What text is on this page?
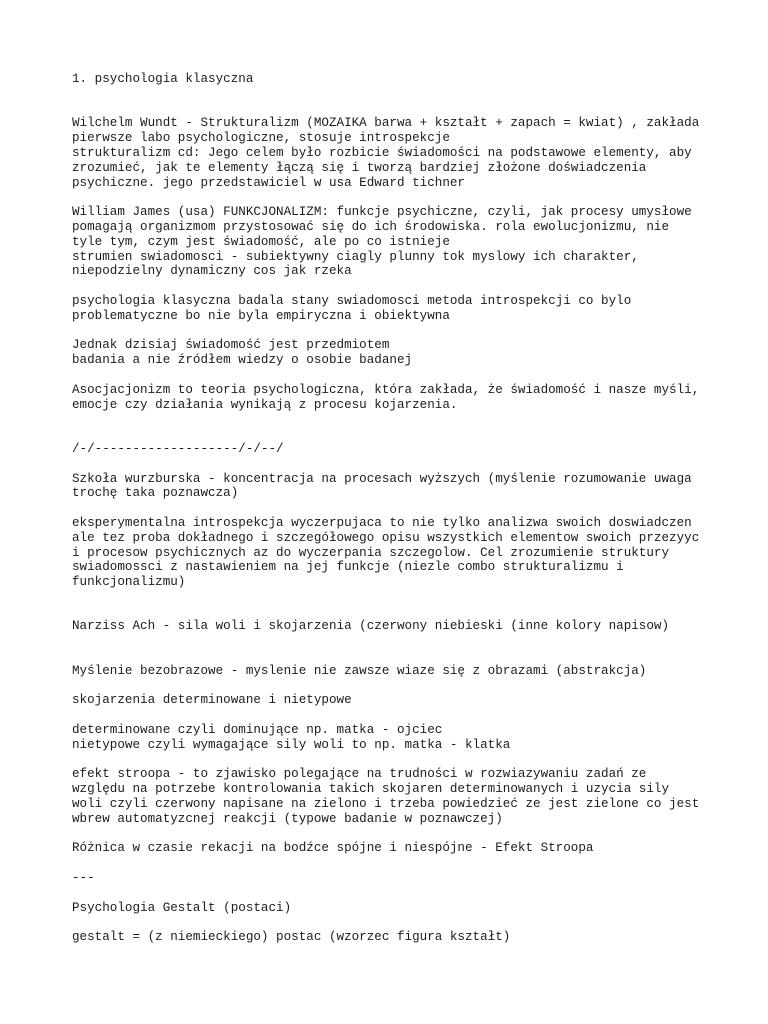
1. psychologia klasyczna
Wilchelm Wundt - Strukturalizm (MOZAIKA barwa + kształt + zapach = kwiat) , zakłada
pierwsze labo psychologiczne, stosuje introspekcje
strukturalizm cd: Jego celem było rozbicie świadomości na podstawowe elementy, aby
zrozumieć, jak te elementy łączą się i tworzą bardziej złożone doświadczenia
psychiczne. jego przedstawiciel w usa Edward tichner
William James (usa) FUNKCJONALIZM: funkcje psychiczne, czyli, jak procesy umysłowe
pomagają organizmom przystosować się do ich środowiska. rola ewolucjonizmu, nie
tyle tym, czym jest świadomość, ale po co istnieje
strumien swiadomosci - subiektywny ciagly plunny tok myslowy ich charakter,
niepodzielny dynamiczny cos jak rzeka
psychologia klasyczna badala stany swiadomosci metoda introspekcji co bylo
problematyczne bo nie byla empiryczna i obiektywna
Jednak dzisiaj świadomość jest przedmiotem
badania a nie źródłem wiedzy o osobie badanej
Asocjacjonizm to teoria psychologiczna, która zakłada, że świadomość i nasze myśli,
emocje czy działania wynikają z procesu kojarzenia.
/-/-------------------/-/--/
Szkoła wurzburska - koncentracja na procesach wyższych (myślenie rozumowanie uwaga
trochę taka poznawcza)
eksperymentalna introspekcja wyczerpujaca to nie tylko analizwa swoich doswiadczen
ale tez proba dokładnego i szczegółowego opisu wszystkich elementow swoich przezyyc
i procesow psychicznych az do wyczerpania szczegolow. Cel zrozumienie struktury
swiadomossci z nastawieniem na jej funkcje (niezle combo strukturalizmu i
funkcjonalizmu)
Narziss Ach - sila woli i skojarzenia (czerwony niebieski (inne kolory napisow)
Myślenie bezobrazowe - myslenie nie zawsze wiaze się z obrazami (abstrakcja)
skojarzenia determinowane i nietypowe
determinowane czyli dominujące np. matka - ojciec
nietypowe czyli wymagające sily woli to np. matka - klatka
efekt stroopa - to zjawisko polegające na trudności w rozwiazywaniu zadań ze
względu na potrzebe kontrolowania takich skojaren determinowanych i uzycia sily
woli czyli czerwony napisane na zielono i trzeba powiedzieć ze jest zielone co jest
wbrew automatyzcnej reakcji (typowe badanie w poznawczej)
Różnica w czasie rekacji na bodźce spójne i niespójne - Efekt Stroopa
---
Psychologia Gestalt (postaci)
gestalt = (z niemieckiego) postac (wzorzec figura kształt)
